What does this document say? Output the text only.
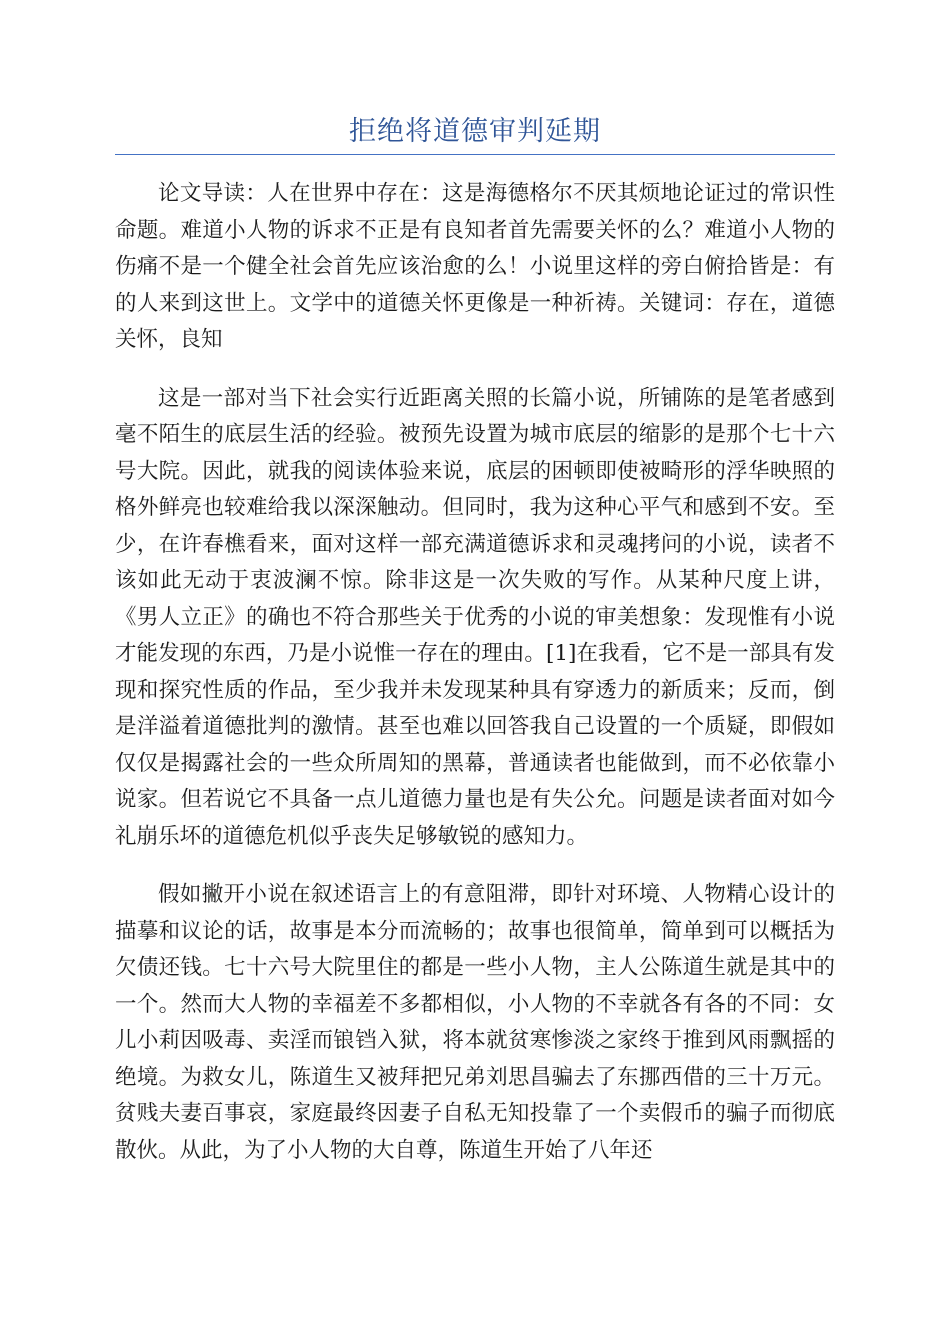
拒绝将道德审判延期

论文导读：人在世界中存在：这是海德格尔不厌其烦地论证过的常识性命题。难道小人物的诉求不正是有良知者首先需要关怀的么？难道小人物的伤痛不是一个健全社会首先应该治愈的么！小说里这样的旁白俯拾皆是：有的人来到这世上。文学中的道德关怀更像是一种祈祷。关键词：存在，道德关怀，良知

这是一部对当下社会实行近距离关照的长篇小说，所铺陈的是笔者感到毫不陌生的底层生活的经验。被预先设置为城市底层的缩影的是那个七十六号大院。因此，就我的阅读体验来说，底层的困顿即使被畸形的浮华映照的格外鲜亮也较难给我以深深触动。但同时，我为这种心平气和感到不安。至少，在许春樵看来，面对这样一部充满道德诉求和灵魂拷问的小说，读者不该如此无动于衷波澜不惊。除非这是一次失败的写作。从某种尺度上讲，《男人立正》的确也不符合那些关于优秀的小说的审美想象：发现惟有小说才能发现的东西，乃是小说惟一存在的理由。[1]在我看，它不是一部具有发现和探究性质的作品，至少我并未发现某种具有穿透力的新质来；反而，倒是洋溢着道德批判的激情。甚至也难以回答我自己设置的一个质疑，即假如仅仅是揭露社会的一些众所周知的黑幕，普通读者也能做到，而不必依靠小说家。但若说它不具备一点儿道德力量也是有失公允。问题是读者面对如今礼崩乐坏的道德危机似乎丧失足够敏锐的感知力。

假如撇开小说在叙述语言上的有意阻滞，即针对环境、人物精心设计的描摹和议论的话，故事是本分而流畅的；故事也很简单，简单到可以概括为欠债还钱。七十六号大院里住的都是一些小人物，主人公陈道生就是其中的一个。然而大人物的幸福差不多都相似，小人物的不幸就各有各的不同：女儿小莉因吸毒、卖淫而锒铛入狱，将本就贫寒惨淡之家终于推到风雨飘摇的绝境。为救女儿，陈道生又被拜把兄弟刘思昌骗去了东挪西借的三十万元。贫贱夫妻百事哀，家庭最终因妻子自私无知投靠了一个卖假币的骗子而彻底散伙。从此，为了小人物的大自尊，陈道生开始了八年还
